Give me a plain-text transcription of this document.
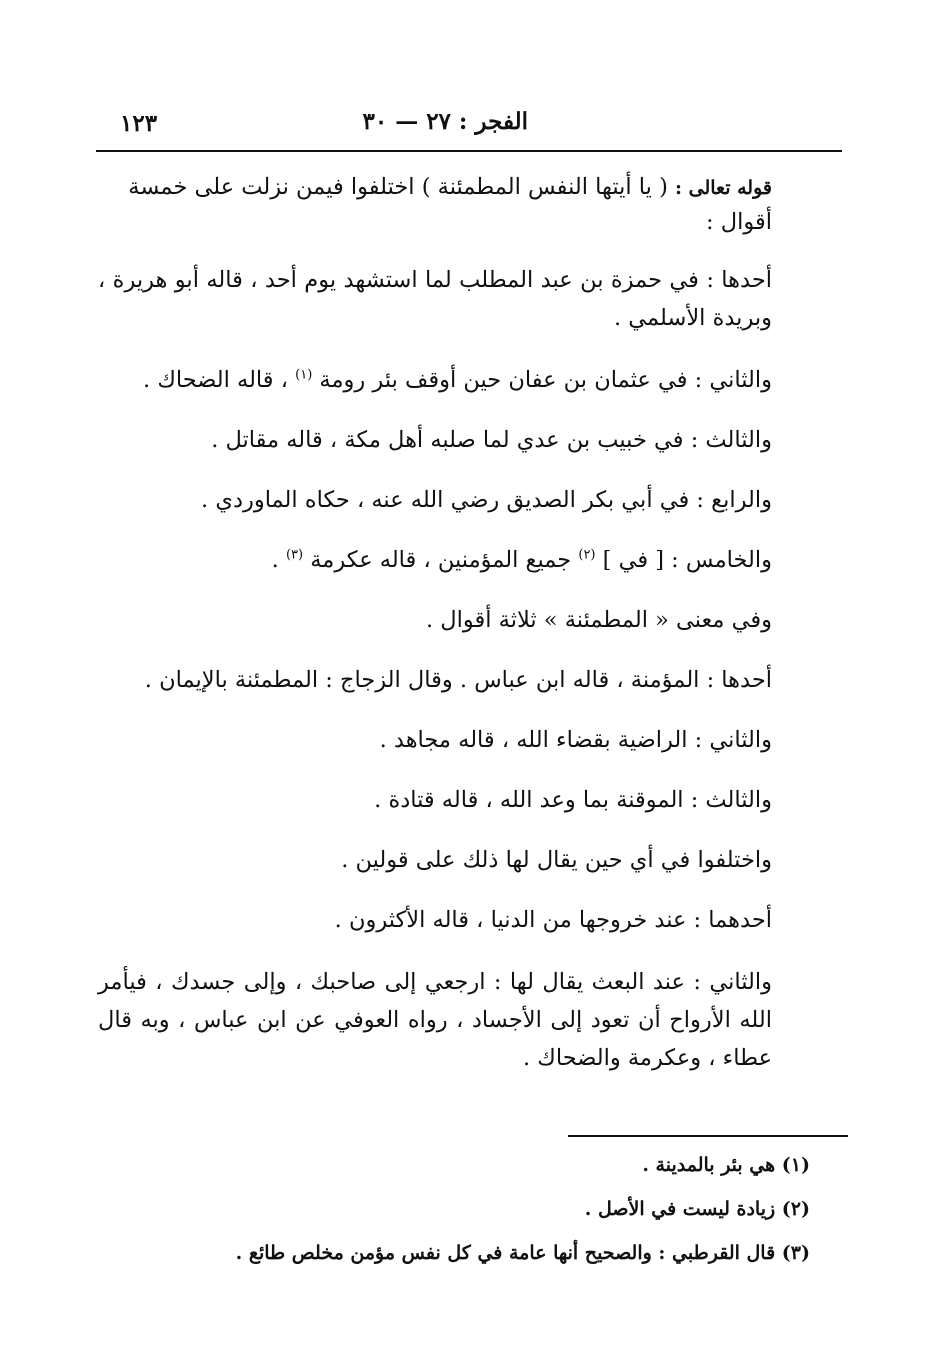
الفجر : ٢٧ — ٣٠
١٢٣

قوله تعالى : ( يا أيتها النفس المطمئنة ) اختلفوا فيمن نزلت على خمسة أقوال :

أحدها : في حمزة بن عبد المطلب لما استشهد يوم أحد ، قاله أبو هريرة ، وبريدة الأسلمي .

والثاني : في عثمان بن عفان حين أوقف بئر رومة $^{(١)}$ ، قاله الضحاك .

والثالث : في خبيب بن عدي لما صلبه أهل مكة ، قاله مقاتل .

والرابع : في أبي بكر الصديق رضي الله عنه ، حكاه الماوردي .

والخامس : [ في ] $^{(٢)}$ جميع المؤمنين ، قاله عكرمة $^{(٣)}$ .

وفي معنى « المطمئنة » ثلاثة أقوال .

أحدها : المؤمنة ، قاله ابن عباس . وقال الزجاج : المطمئنة بالإيمان .

والثاني : الراضية بقضاء الله ، قاله مجاهد .

والثالث : الموقنة بما وعد الله ، قاله قتادة .

واختلفوا في أي حين يقال لها ذلك على قولين .

أحدهما : عند خروجها من الدنيا ، قاله الأكثرون .

والثاني : عند البعث يقال لها : ارجعي إلى صاحبك ، وإلى جسدك ، فيأمر الله الأرواح أن تعود إلى الأجساد ، رواه العوفي عن ابن عباس ، وبه قال عطاء ، وعكرمة والضحاك .

(١) هي بئر بالمدينة .

(٢) زيادة ليست في الأصل .

(٣) قال القرطبي : والصحيح أنها عامة في كل نفس مؤمن مخلص طائع .
